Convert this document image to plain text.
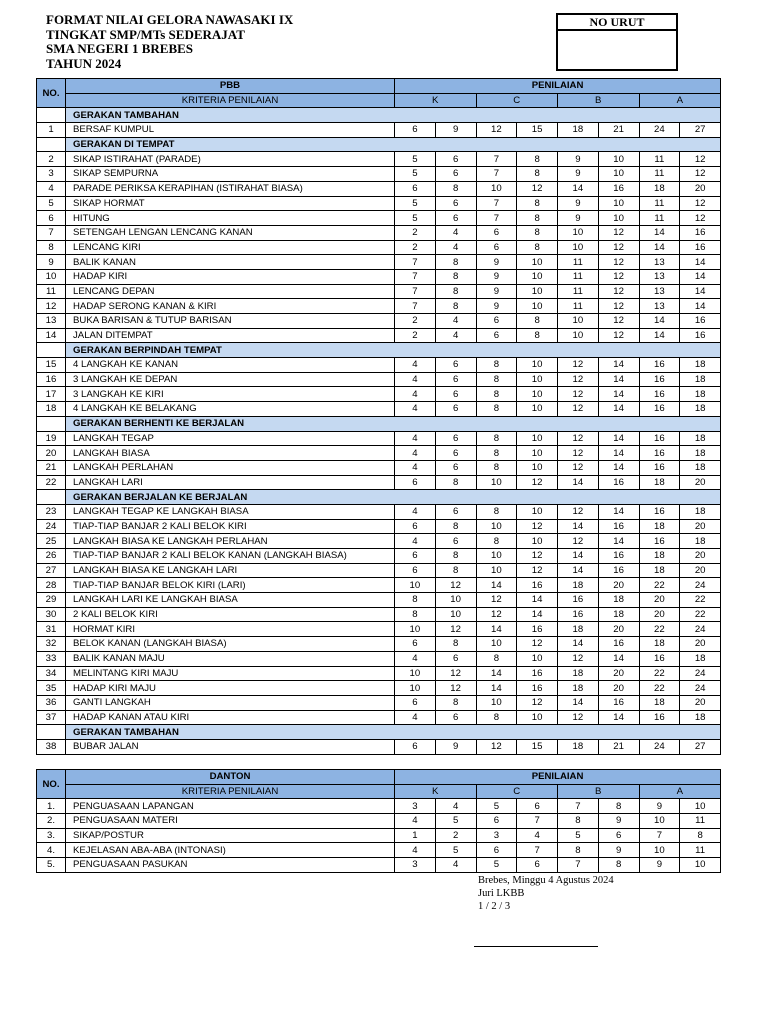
FORMAT NILAI GELORA NAWASAKI IX
TINGKAT SMP/MTs SEDERAJAT
SMA NEGERI 1 BREBES
TAHUN 2024
NO URUT
NO.	PBB	PENILAIAN							
	KRITERIA PENILAIAN	K		C		B		A	
	GERAKAN TAMBAHAN								
1	BERSAF KUMPUL	6	9	12	15	18	21	24	27
	GERAKAN DI TEMPAT								
2	SIKAP ISTIRAHAT (PARADE)	5	6	7	8	9	10	11	12
3	SIKAP SEMPURNA	5	6	7	8	9	10	11	12
4	PARADE PERIKSA KERAPIHAN (ISTIRAHAT BIASA)	6	8	10	12	14	16	18	20
5	SIKAP HORMAT	5	6	7	8	9	10	11	12
6	HITUNG	5	6	7	8	9	10	11	12
7	SETENGAH LENGAN LENCANG KANAN	2	4	6	8	10	12	14	16
8	LENCANG KIRI	2	4	6	8	10	12	14	16
9	BALIK KANAN	7	8	9	10	11	12	13	14
10	HADAP KIRI	7	8	9	10	11	12	13	14
11	LENCANG DEPAN	7	8	9	10	11	12	13	14
12	HADAP SERONG KANAN & KIRI	7	8	9	10	11	12	13	14
13	BUKA BARISAN & TUTUP BARISAN	2	4	6	8	10	12	14	16
14	JALAN DITEMPAT	2	4	6	8	10	12	14	16
	GERAKAN BERPINDAH TEMPAT								
15	4 LANGKAH KE KANAN	4	6	8	10	12	14	16	18
16	3 LANGKAH KE DEPAN	4	6	8	10	12	14	16	18
17	3 LANGKAH KE KIRI	4	6	8	10	12	14	16	18
18	4 LANGKAH KE BELAKANG	4	6	8	10	12	14	16	18
	GERAKAN BERHENTI KE BERJALAN								
19	LANGKAH TEGAP	4	6	8	10	12	14	16	18
20	LANGKAH BIASA	4	6	8	10	12	14	16	18
21	LANGKAH PERLAHAN	4	6	8	10	12	14	16	18
22	LANGKAH LARI	6	8	10	12	14	16	18	20
	GERAKAN BERJALAN KE BERJALAN								
23	LANGKAH TEGAP KE LANGKAH BIASA	4	6	8	10	12	14	16	18
24	TIAP-TIAP BANJAR 2 KALI BELOK KIRI	6	8	10	12	14	16	18	20
25	LANGKAH BIASA KE LANGKAH PERLAHAN	4	6	8	10	12	14	16	18
26	TIAP-TIAP BANJAR 2 KALI BELOK KANAN (LANGKAH BIASA)	6	8	10	12	14	16	18	20
27	LANGKAH BIASA KE LANGKAH LARI	6	8	10	12	14	16	18	20
28	TIAP-TIAP BANJAR BELOK KIRI (LARI)	10	12	14	16	18	20	22	24
29	LANGKAH LARI KE LANGKAH BIASA	8	10	12	14	16	18	20	22
30	2 KALI BELOK KIRI	8	10	12	14	16	18	20	22
31	HORMAT KIRI	10	12	14	16	18	20	22	24
32	BELOK KANAN (LANGKAH BIASA)	6	8	10	12	14	16	18	20
33	BALIK KANAN MAJU	4	6	8	10	12	14	16	18
34	MELINTANG KIRI MAJU	10	12	14	16	18	20	22	24
35	HADAP KIRI MAJU	10	12	14	16	18	20	22	24
36	GANTI LANGKAH	6	8	10	12	14	16	18	20
37	HADAP KANAN ATAU KIRI	4	6	8	10	12	14	16	18
	GERAKAN TAMBAHAN								
38	BUBAR JALAN	6	9	12	15	18	21	24	27
NO.	DANTON	PENILAIAN							
	KRITERIA PENILAIAN	K		C		B		A	
1.	PENGUASAAN LAPANGAN	3	4	5	6	7	8	9	10
2.	PENGUASAAN MATERI	4	5	6	7	8	9	10	11
3.	SIKAP/POSTUR	1	2	3	4	5	6	7	8
4.	KEJELASAN ABA-ABA (INTONASI)	4	5	6	7	8	9	10	11
5.	PENGUASAAN PASUKAN	3	4	5	6	7	8	9	10
Brebes, Minggu 4 Agustus 2024
Juri LKBB
1 / 2 / 3
